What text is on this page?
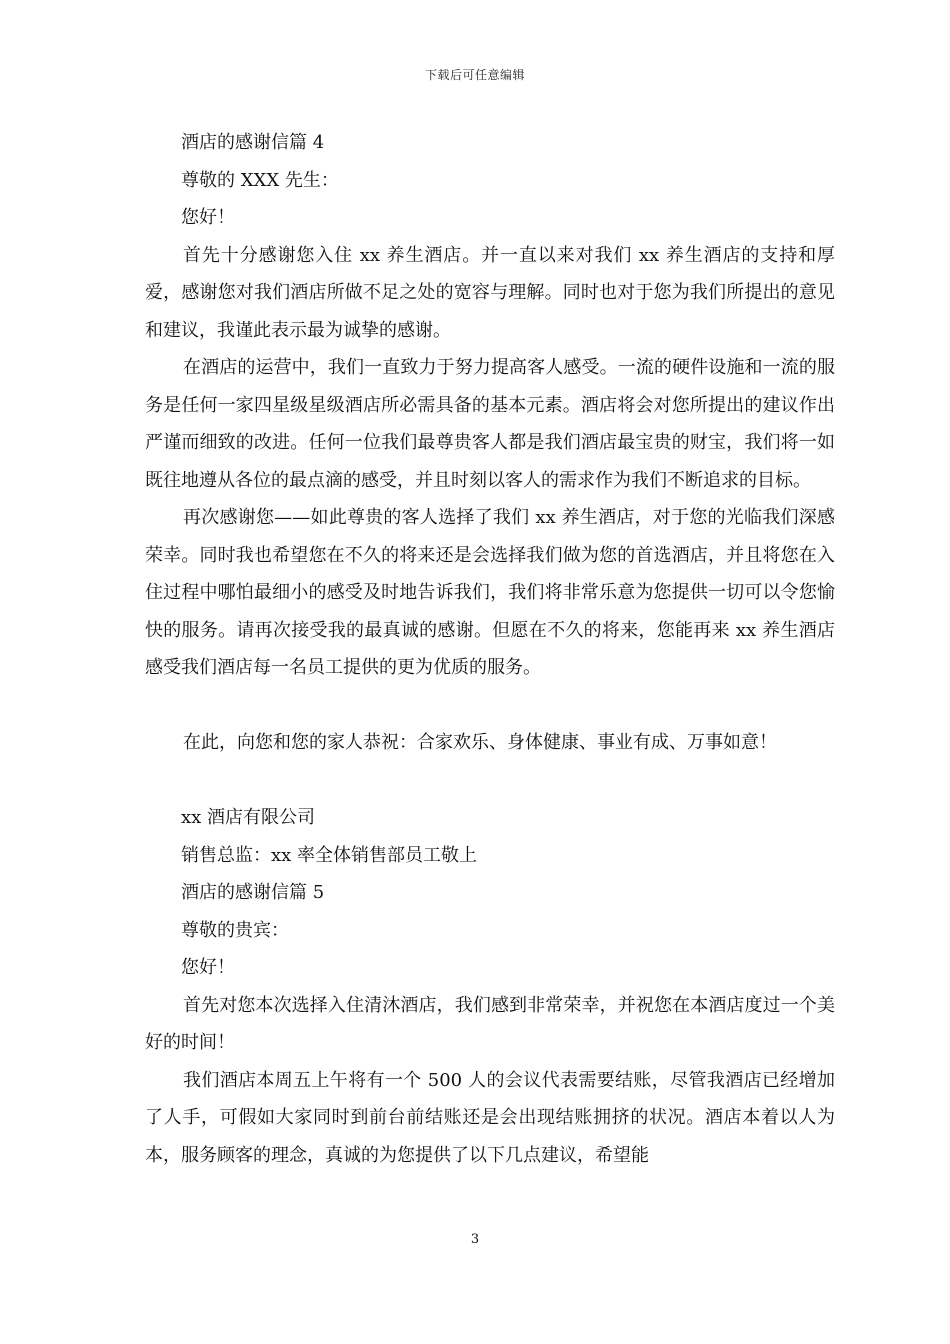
下载后可任意编辑

酒店的感谢信篇 4

尊敬的 XXX 先生：

您好！

首先十分感谢您入住 xx 养生酒店。并一直以来对我们 xx 养生酒店的支持和厚爱，感谢您对我们酒店所做不足之处的宽容与理解。同时也对于您为我们所提出的意见和建议，我谨此表示最为诚挚的感谢。

在酒店的运营中，我们一直致力于努力提高客人感受。一流的硬件设施和一流的服务是任何一家四星级星级酒店所必需具备的基本元素。酒店将会对您所提出的建议作出严谨而细致的改进。任何一位我们最尊贵客人都是我们酒店最宝贵的财宝，我们将一如既往地遵从各位的最点滴的感受，并且时刻以客人的需求作为我们不断追求的目标。

再次感谢您——如此尊贵的客人选择了我们 xx 养生酒店，对于您的光临我们深感荣幸。同时我也希望您在不久的将来还是会选择我们做为您的首选酒店，并且将您在入住过程中哪怕最细小的感受及时地告诉我们，我们将非常乐意为您提供一切可以令您愉快的服务。请再次接受我的最真诚的感谢。但愿在不久的将来，您能再来 xx 养生酒店感受我们酒店每一名员工提供的更为优质的服务。

在此，向您和您的家人恭祝：合家欢乐、身体健康、事业有成、万事如意！

xx 酒店有限公司

销售总监：xx 率全体销售部员工敬上

酒店的感谢信篇 5

尊敬的贵宾：

您好！

首先对您本次选择入住清沐酒店，我们感到非常荣幸，并祝您在本酒店度过一个美好的时间！

我们酒店本周五上午将有一个 500 人的会议代表需要结账，尽管我酒店已经增加了人手，可假如大家同时到前台前结账还是会出现结账拥挤的状况。酒店本着以人为本，服务顾客的理念，真诚的为您提供了以下几点建议，希望能

3
